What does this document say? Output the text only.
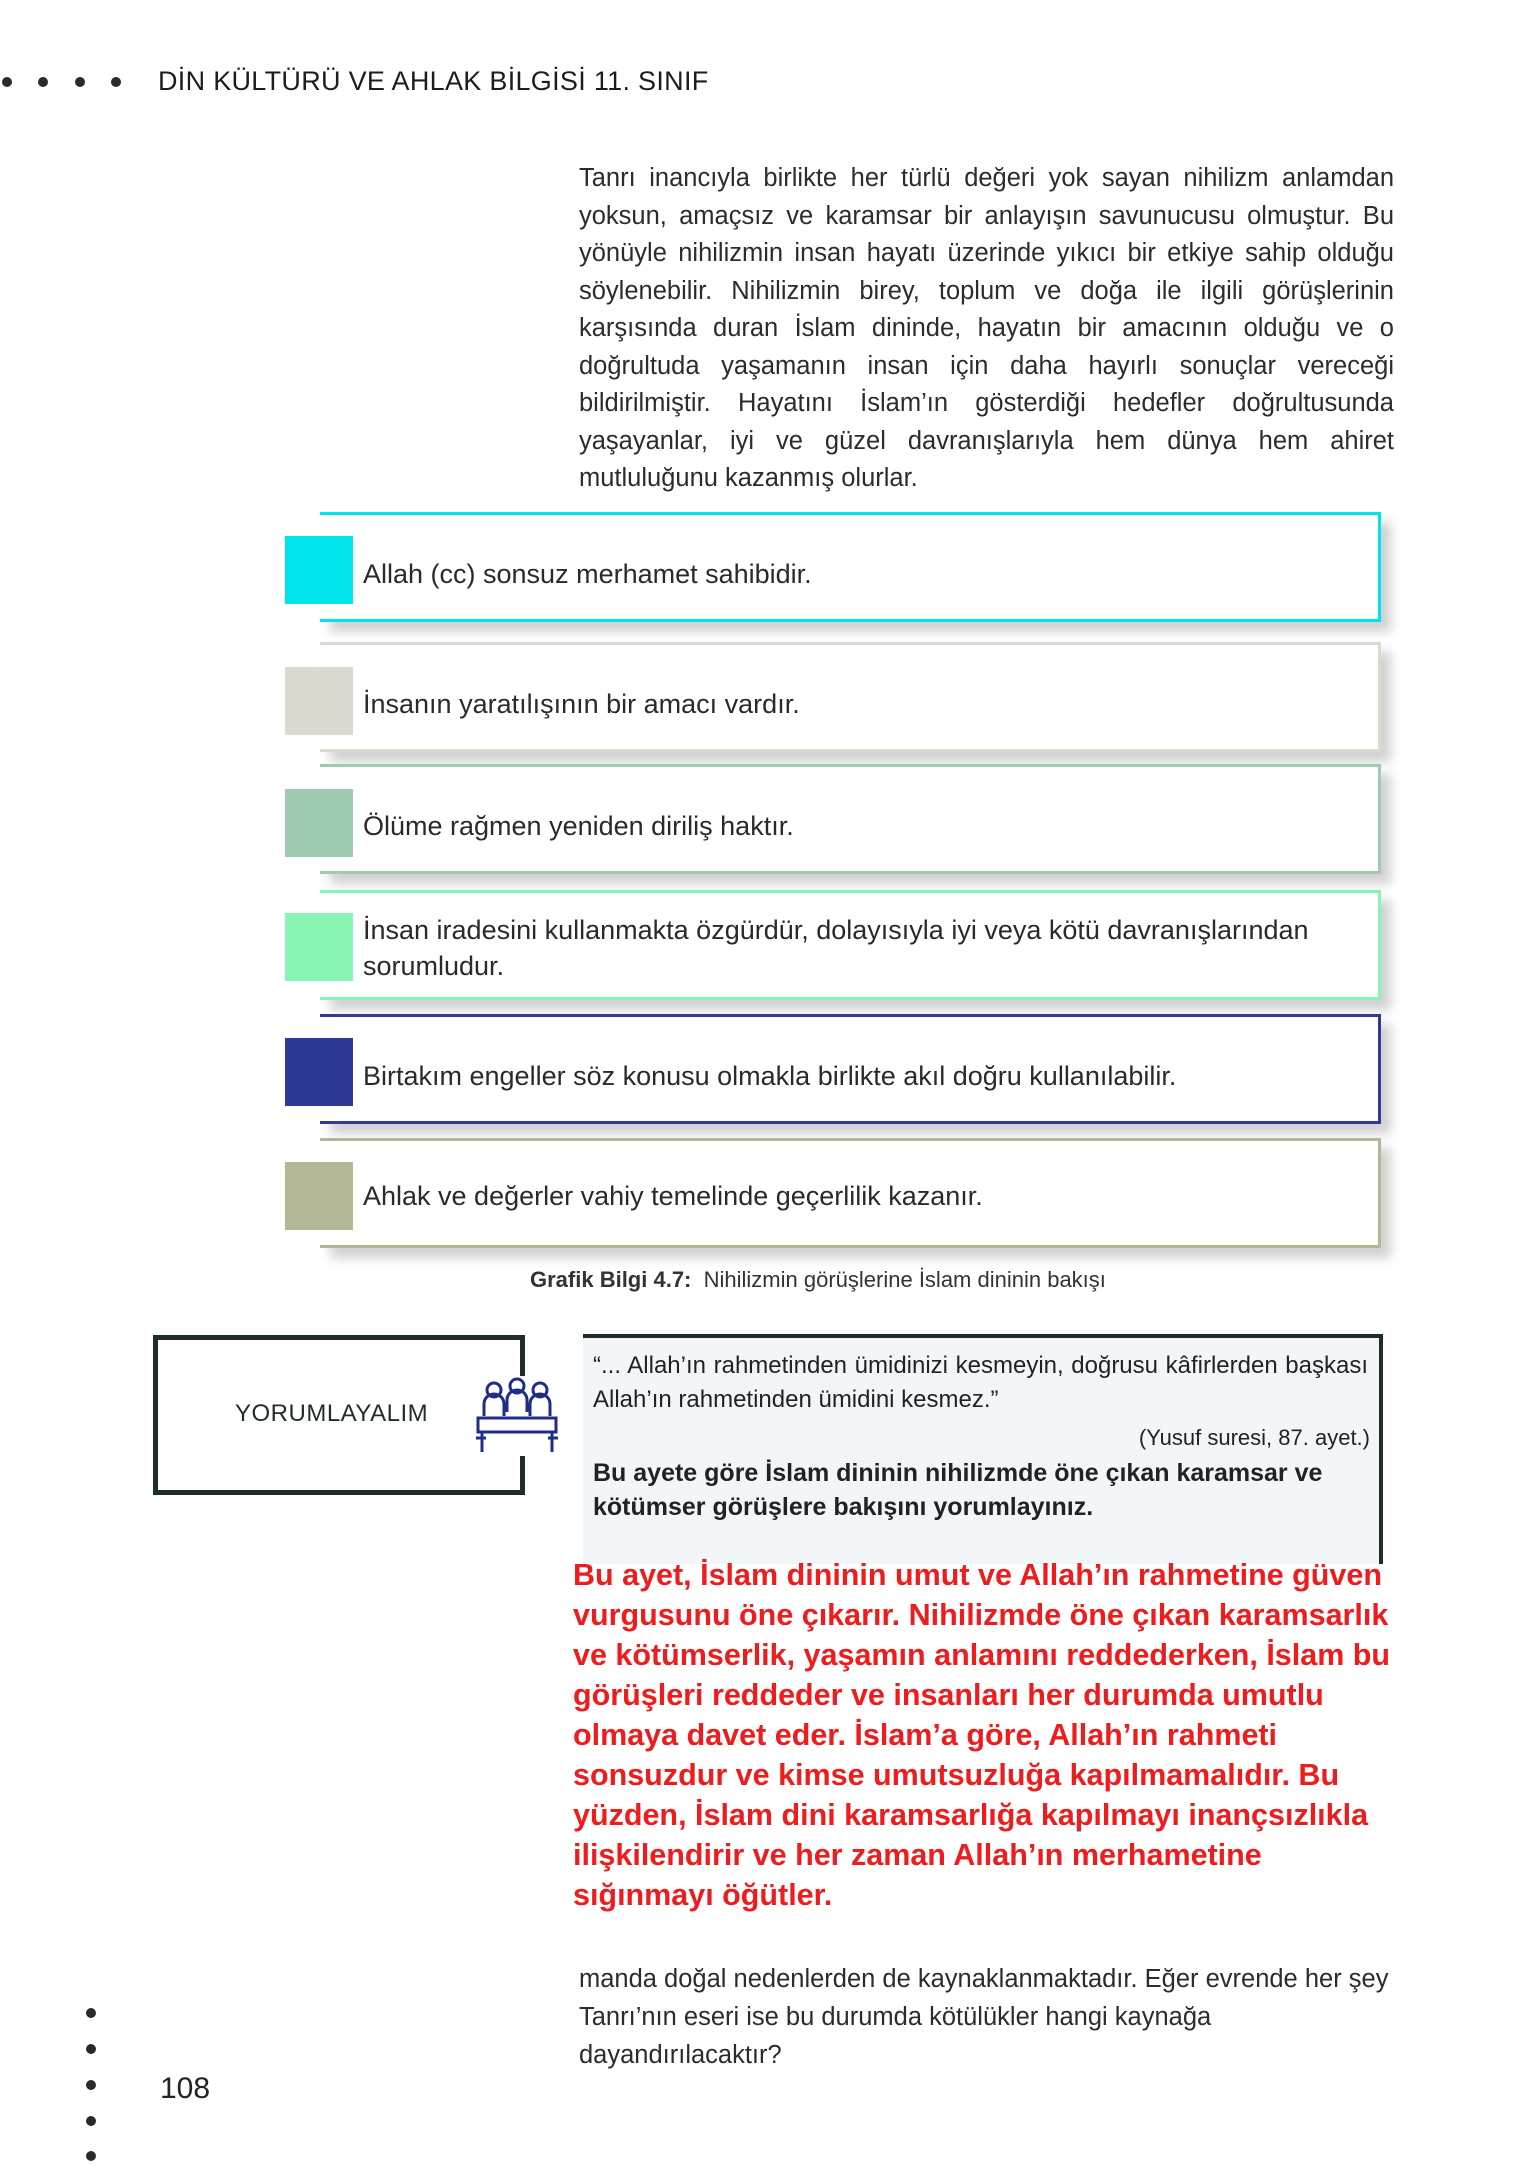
DİN KÜLTÜRÜ VE AHLAK BİLGİSİ 11. SINIF

Tanrı inancıyla birlikte her türlü değeri yok sayan nihilizm anlamdan yoksun, amaçsız ve karamsar bir anlayışın savunucusu olmuştur. Bu yönüyle nihilizmin insan hayatı üzerinde yıkıcı bir etkiye sahip olduğu söylenebilir. Nihilizmin birey, toplum ve doğa ile ilgili görüşlerinin karşısında duran İslam dininde, hayatın bir amacının olduğu ve o doğrultuda yaşamanın insan için daha hayırlı sonuçlar vereceği bildirilmiştir. Hayatını İslam’ın gösterdiği hedefler doğrultusunda yaşayanlar, iyi ve güzel davranışlarıyla hem dünya hem ahiret mutluluğunu kazanmış olurlar.

Allah (cc) sonsuz merhamet sahibidir.
İnsanın yaratılışının bir amacı vardır.
Ölüme rağmen yeniden diriliş haktır.
İnsan iradesini kullanmakta özgürdür, dolayısıyla iyi veya kötü davranışlarından sorumludur.
Birtakım engeller söz konusu olmakla birlikte akıl doğru kullanılabilir.
Ahlak ve değerler vahiy temelinde geçerlilik kazanır.
Grafik Bilgi 4.7: Nihilizmin görüşlerine İslam dininin bakışı
YORUMLAYALIM
“... Allah’ın rahmetinden ümidinizi kesmeyin, doğrusu kâfirlerden başkası Allah’ın rahmetinden ümidini kesmez.”
(Yusuf suresi, 87. ayet.)
Bu ayete göre İslam dininin nihilizmde öne çıkan karamsar ve kötümser görüşlere bakışını yorumlayınız.

Bu ayet, İslam dininin umut ve Allah’ın rahmetine güven vurgusunu öne çıkarır. Nihilizmde öne çıkan karamsarlık ve kötümserlik, yaşamın anlamını reddederken, İslam bu görüşleri reddeder ve insanları her durumda umutlu olmaya davet eder. İslam’a göre, Allah’ın rahmeti sonsuzdur ve kimse umutsuzluğa kapılmamalıdır. Bu yüzden, İslam dini karamsarlığa kapılmayı inançsızlıkla ilişkilendirir ve her zaman Allah’ın merhametine sığınmayı öğütler.

manda doğal nedenlerden de kaynaklanmaktadır. Eğer evrende her şey Tanrı’nın eseri ise bu durumda kötülükler hangi kaynağa dayandırılacaktır?

108
